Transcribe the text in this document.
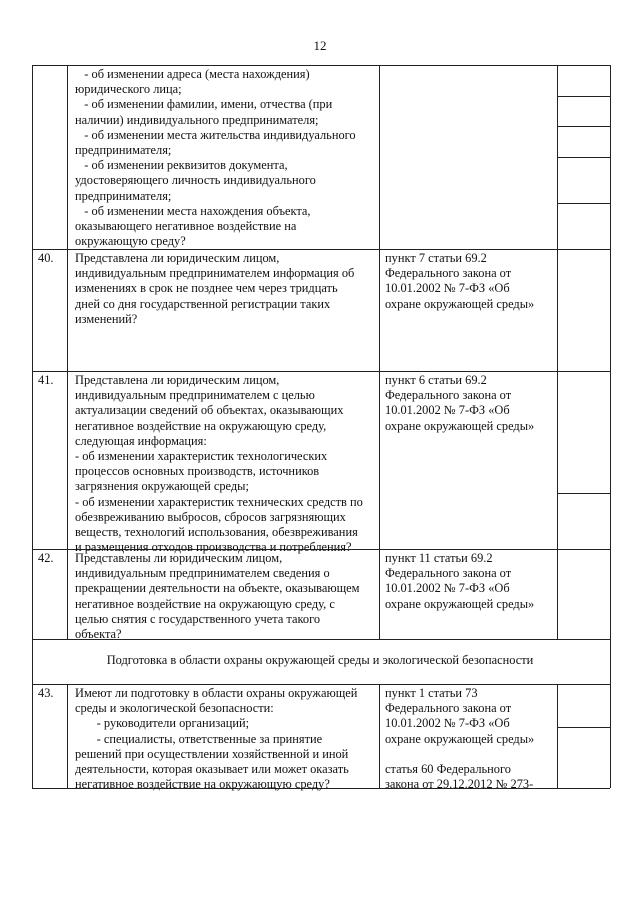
12
- об изменении адреса (места нахождения)
юридического лица;
- об изменении фамилии, имени, отчества (при
наличии) индивидуального предпринимателя;
- об изменении места жительства индивидуального
предпринимателя;
- об изменении реквизитов документа,
удостоверяющего личность индивидуального
предпринимателя;
- об изменении места нахождения объекта,
оказывающего негативное воздействие на
окружающую среду?
40. Представлена ли юридическим лицом,
индивидуальным предпринимателем информация об
изменениях в срок не позднее чем через тридцать
дней со дня государственной регистрации таких
изменений?
пункт 7 статьи 69.2
Федерального закона от
10.01.2002 № 7-ФЗ «Об
охране окружающей среды»
41. Представлена ли юридическим лицом,
индивидуальным предпринимателем с целью
актуализации сведений об объектах, оказывающих
негативное воздействие на окружающую среду,
следующая информация:
- об изменении характеристик технологических
процессов основных производств, источников
загрязнения окружающей среды;
- об изменении характеристик технических средств по
обезвреживанию выбросов, сбросов загрязняющих
веществ, технологий использования, обезвреживания
и размещения отходов производства и потребления?
пункт 6 статьи 69.2
Федерального закона от
10.01.2002 № 7-ФЗ «Об
охране окружающей среды»
42. Представлены ли юридическим лицом,
индивидуальным предпринимателем сведения о
прекращении деятельности на объекте, оказывающем
негативное воздействие на окружающую среду, с
целью снятия с государственного учета такого
объекта?
пункт 11 статьи 69.2
Федерального закона от
10.01.2002 № 7-ФЗ «Об
охране окружающей среды»
Подготовка в области охраны окружающей среды и экологической безопасности
43. Имеют ли подготовку в области охраны окружающей
среды и экологической безопасности:
- руководители организаций;
- специалисты, ответственные за принятие
решений при осуществлении хозяйственной и иной
деятельности, которая оказывает или может оказать
негативное воздействие на окружающую среду?
пункт 1 статьи 73
Федерального закона от
10.01.2002 № 7-ФЗ «Об
охране окружающей среды»

статья 60 Федерального
закона от 29.12.2012 № 273-
